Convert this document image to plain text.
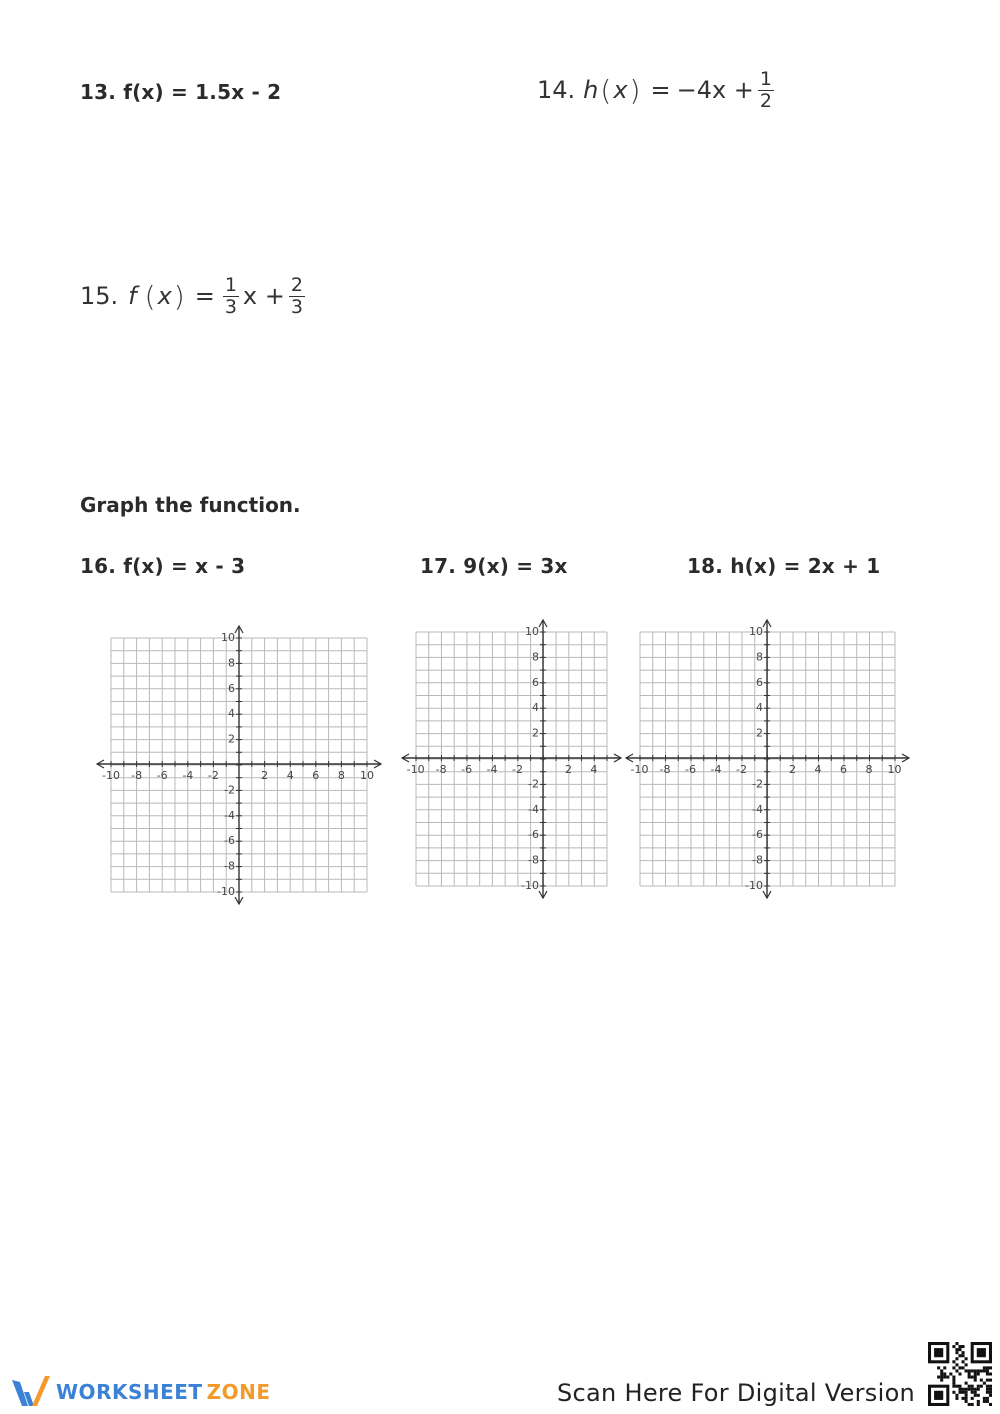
13. f(x) = 1.5x - 2	14. h ( x ) = $-4x + \frac{1}{2}$
15. f ( x ) = $\frac{1}{3}$ $x + \frac{2}{3}$
Graph the function.
16. f(x) = x - 3	17. 9(x) = 3x	18. h(x) = 2x + 1
-10 -8 -6 -4 -2	2 4 6 8 10
10
8
6
4
2
-2
-4
-6
-8
-10
-10 -8 -6 -4 -2	2 4
10
8
6
4
2
-2
-4
-6
-8
-10
-10 -8 -6 -4 -2	2 4 6 8 10
10
8
6
4
2
-2
-4
-6
-8
-10
WORKSHEET ZONE	Scan Here For Digital Version
